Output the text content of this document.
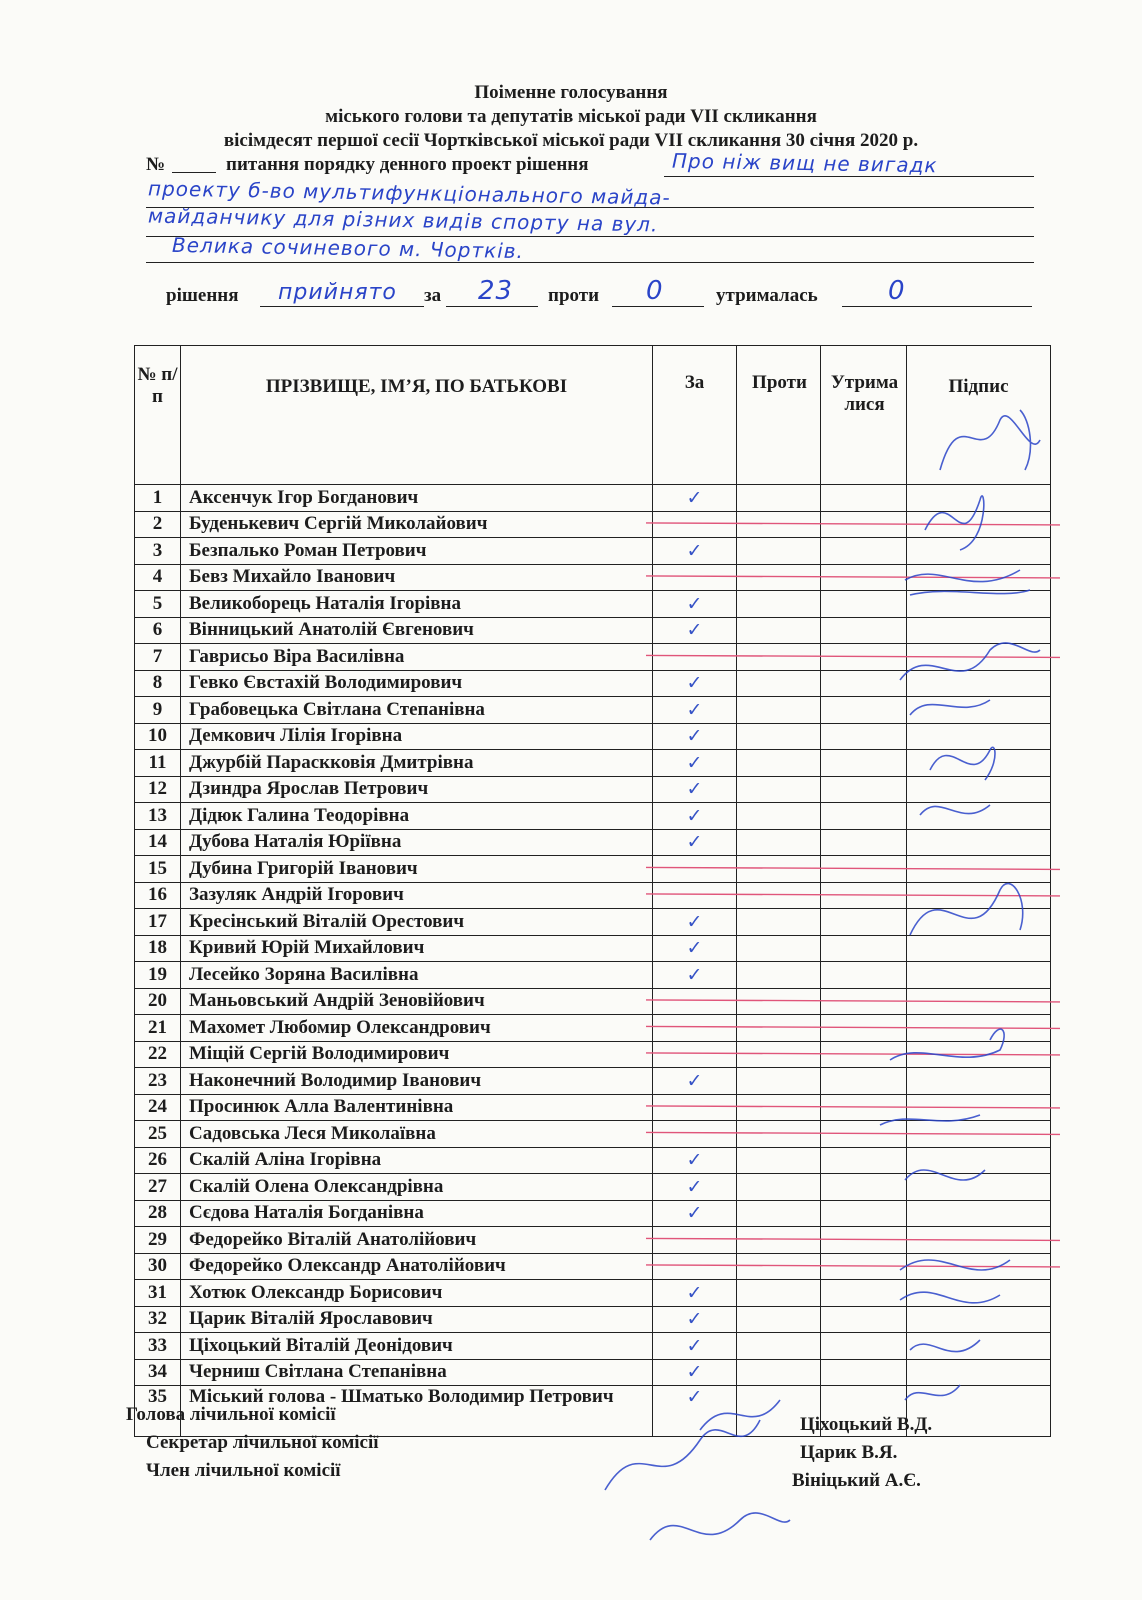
Поіменне голосування
міського голови та депутатів міської ради VII скликання
вісімдесят першої сесії Чортківської міської ради VII скликання 30 січня 2020 р.
№	питання порядку денного проект рішення	Про ніж вищ не вигадк
проекту б-во мультифункціонального майда-
майданчику для різних видів спорту на вул.
Велика сочиневого м. Чортків.
рішення прийнято за 23 проти 0	утрималась	0
№ п/п	ПРІЗВИЩЕ, ІМ’Я, ПО БАТЬКОВІ	За	Проти	Утрималися	Підпис
1	Аксенчук Ігор Богданович	✓			
2	Буденькевич Сергій Миколайович				
3	Безпалько Роман Петрович	✓			
4	Бевз Михайло Іванович				
5	Великоборець Наталія Ігорівна	✓			
6	Вінницький Анатолій Євгенович	✓			
7	Гаврисьо Віра Василівна				
8	Гевко Євстахій Володимирович	✓			
9	Грабовецька Світлана Степанівна	✓			
10	Демкович Лілія Ігорівна	✓			
11	Джурбій Параскковія Дмитрівна	✓			
12	Дзиндра Ярослав Петрович	✓			
13	Дідюк Галина Теодорівна	✓			
14	Дубова Наталія Юріївна	✓			
15	Дубина Григорій Іванович				
16	Зазуляк Андрій Ігорович				
17	Кресінський Віталій Орестович	✓			
18	Кривий Юрій Михайлович	✓			
19	Лесейко Зоряна Василівна	✓			
20	Маньовський Андрій Зеновійович				
21	Махомет Любомир Олександрович				
22	Міщій Сергій Володимирович				
23	Наконечний Володимир Іванович	✓			
24	Просинюк Алла Валентинівна				
25	Садовська Леся Миколаївна				
26	Скалій Аліна Ігорівна	✓			
27	Скалій Олена Олександрівна	✓			
28	Сєдова Наталія Богданівна	✓			
29	Федорейко Віталій Анатолійович				
30	Федорейко Олександр Анатолійович				
31	Хотюк Олександр Борисович	✓			
32	Царик Віталій Ярославович	✓			
33	Ціхоцький Віталій Деонідович	✓			
34	Черниш Світлана Степанівна	✓			
35	Міський голова - Шматько Володимир Петрович	✓			
Голова лічильної комісії
Секретар лічильної комісії
Член лічильної комісії
Ціхоцький В.Д.
Царик В.Я.
Вініцький А.Є.
